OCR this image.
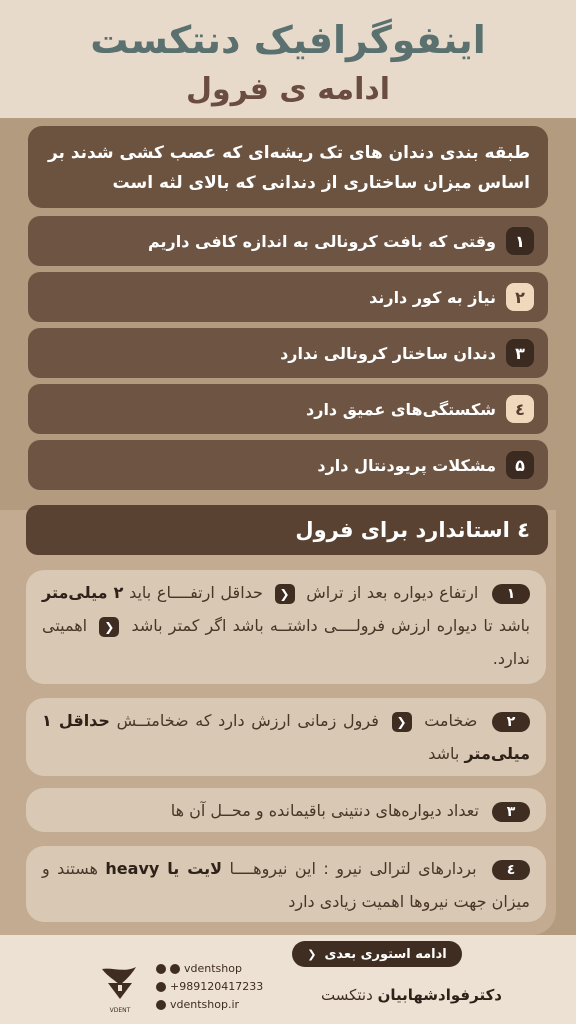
اینفوگرافیک دنتکست
ادامه ی فرول
طبقه بندی دندان های تک ریشه‌ای که عصب کشی شدند بر اساس میزان ساختاری از دندانی که بالای لثه است
۱
وقتی که بافت کرونالی به اندازه کافی داریم
۲
نیاز به کور دارند
۳
دندان ساختار کرونالی ندارد
٤
شکستگی‌های عمیق دارد
۵
مشکلات پریودنتال دارد
٤ استاندارد برای فرول
۱ ارتفاع دیواره بعد از تراش ❮ حداقل ارتفــــاع باید ۲ میلی‌متر باشد تا دیواره ارزش فرولــــی داشتــه باشد اگر کمتر باشد ❮ اهمیتی ندارد.
۲ ضخامت ❮ فرول زمانی ارزش دارد که ضخامتــش حداقل ۱ میلی‌متر باشد
۳ تعداد دیواره‌های دنتینی باقیمانده و محــل آن ها
٤ بردارهای لترالی نیرو : این نیروهــــا لایت یا heavy هستند و میزان جهت نیروها اهمیت زیادی دارد
ادامه استوری بعدی
❮
دکترفوادشهابیان دنتکست
vdentshop
+989120417233
vdentshop.ir
VDENT
